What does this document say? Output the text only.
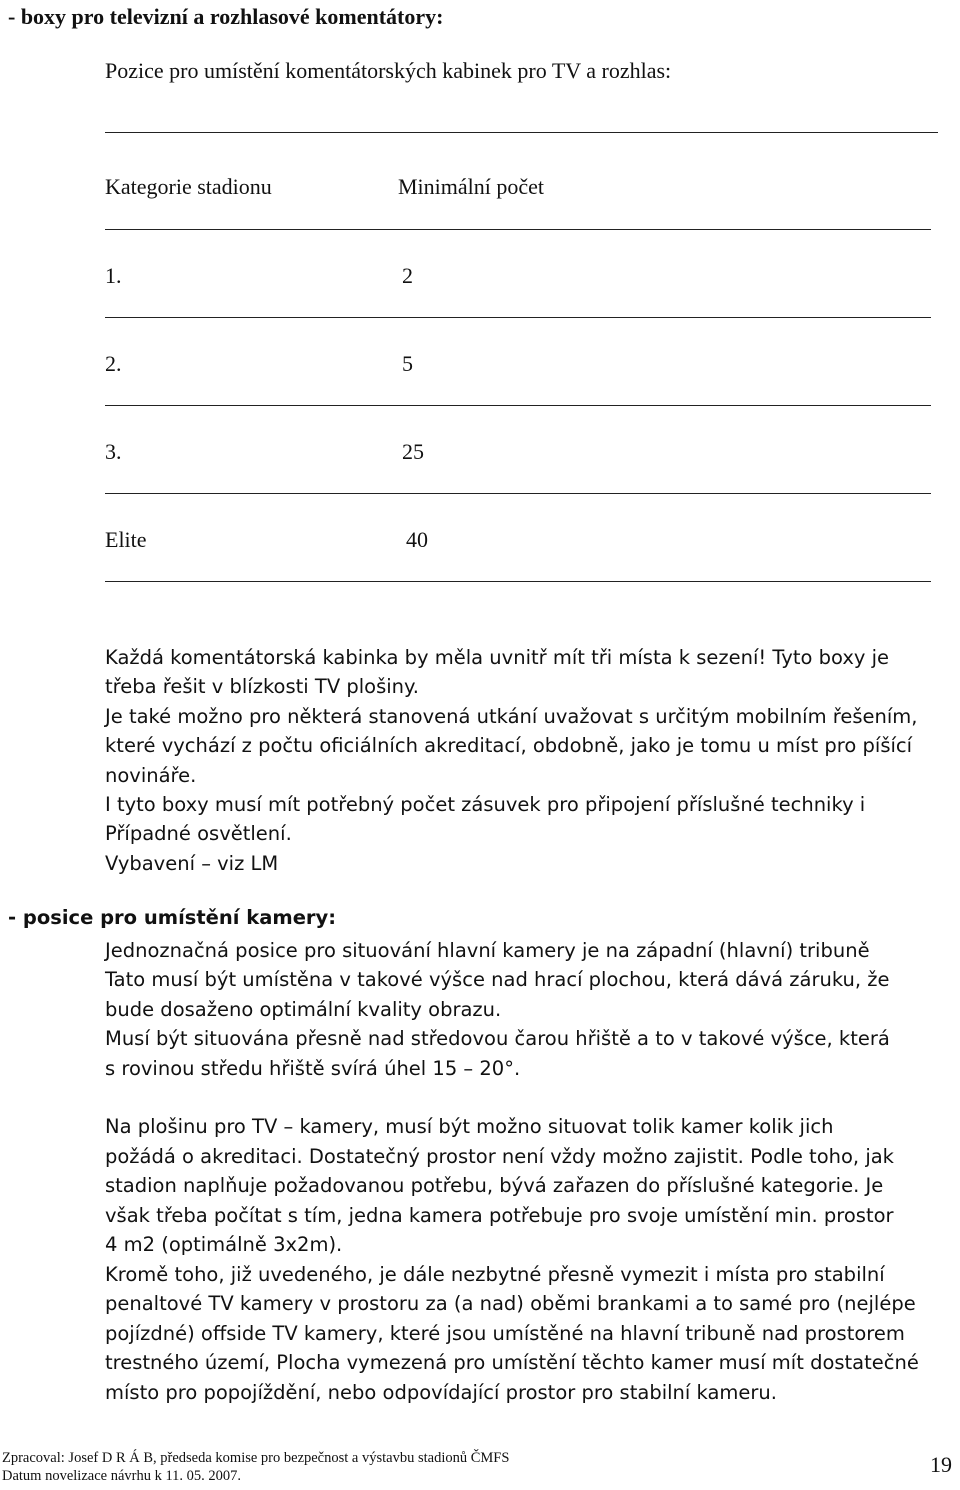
- boxy pro televizní a rozhlasové komentátory:
Pozice pro umístění komentátorských kabinek pro TV a rozhlas:
Kategorie stadionu	Minimální počet
1.	2
2.	5
3.	25
Elite	40
Každá komentátorská kabinka by měla uvnitř mít tři místa k sezení! Tyto boxy je
třeba řešit v blízkosti TV plošiny.
Je také možno pro některá stanovená utkání uvažovat s určitým mobilním řešením,
které vychází z počtu oficiálních akreditací, obdobně, jako je tomu u míst pro píšící
novináře.
I tyto boxy musí mít potřebný počet zásuvek pro připojení příslušné techniky i
Případné osvětlení.
Vybavení – viz LM
- posice pro umístění kamery:
Jednoznačná posice pro situování hlavní kamery je na západní (hlavní) tribuně
Tato musí být umístěna v takové výšce nad hrací plochou, která dává záruku, že
bude dosaženo optimální kvality obrazu.
Musí být situována přesně nad středovou čarou hřiště a to v takové výšce, která
s rovinou středu hřiště svírá úhel 15 – 20°.
Na plošinu pro TV – kamery, musí být možno situovat tolik kamer kolik jich
požádá o akreditaci. Dostatečný prostor není vždy možno zajistit. Podle toho, jak
stadion naplňuje požadovanou potřebu, bývá zařazen do příslušné kategorie. Je
však třeba počítat s tím, jedna kamera potřebuje pro svoje umístění min. prostor
4 m2 (optimálně 3x2m).
Kromě toho, již uvedeného, je dále nezbytné přesně vymezit i místa pro stabilní
penaltové TV kamery v prostoru za (a nad) oběmi brankami a to samé pro (nejlépe
pojízdné) offside TV kamery, které jsou umístěné na hlavní tribuně nad prostorem
trestného území, Plocha vymezená pro umístění těchto kamer musí mít dostatečné
místo pro popojíždění, nebo odpovídající prostor pro stabilní kameru.
Zpracoval: Josef D R Á B, předseda komise pro bezpečnost a výstavbu stadionů ČMFS
Datum novelizace návrhu k 11. 05. 2007.	19
